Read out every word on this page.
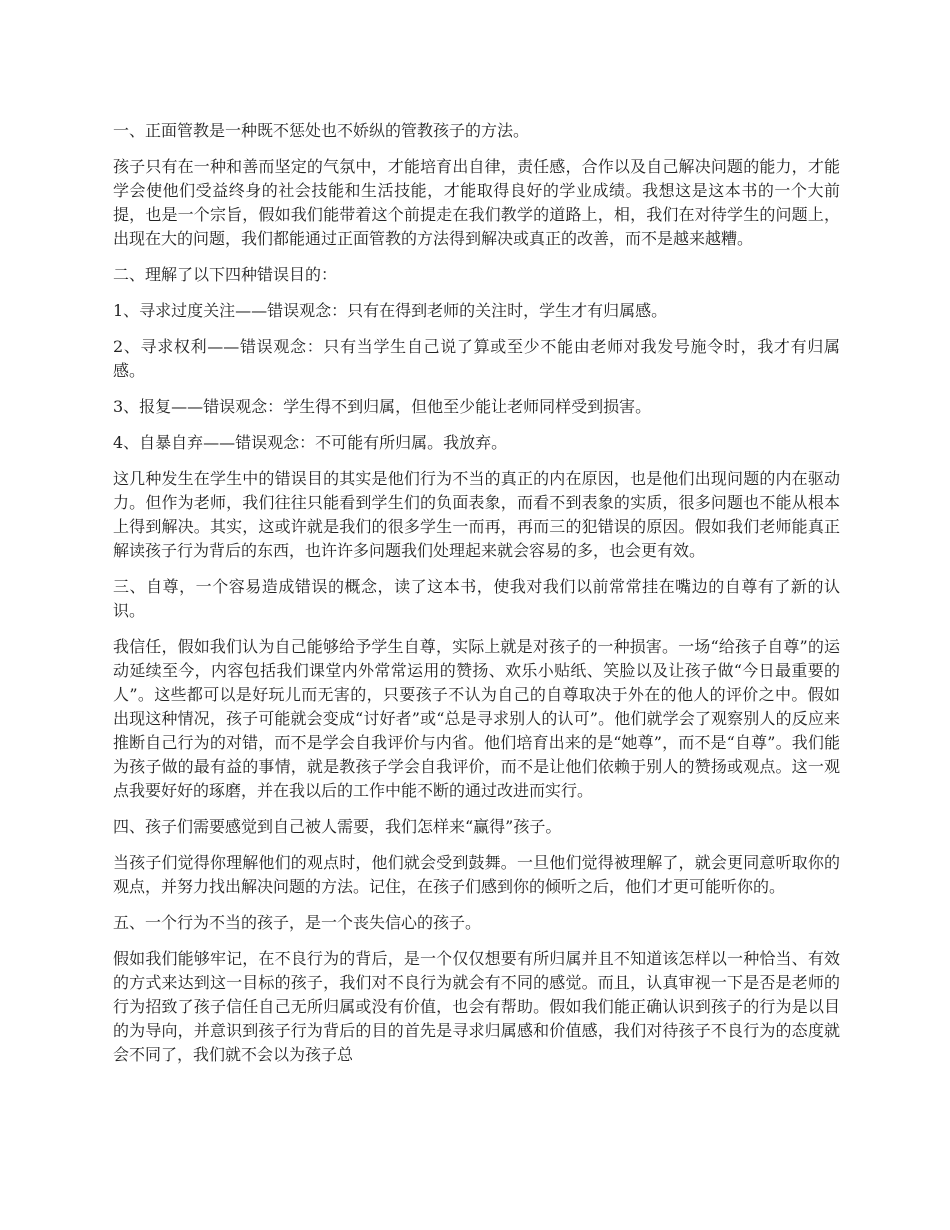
一、正面管教是一种既不惩处也不娇纵的管教孩子的方法。

孩子只有在一种和善而坚定的气氛中，才能培育出自律，责任感，合作以及自己解决问题的能力，才能学会使他们受益终身的社会技能和生活技能，才能取得良好的学业成绩。我想这是这本书的一个大前提，也是一个宗旨，假如我们能带着这个前提走在我们教学的道路上，相，我们在对待学生的问题上，出现在大的问题，我们都能通过正面管教的方法得到解决或真正的改善，而不是越来越糟。

二、理解了以下四种错误目的：

1、寻求过度关注——错误观念：只有在得到老师的关注时，学生才有归属感。

2、寻求权利——错误观念：只有当学生自己说了算或至少不能由老师对我发号施令时，我才有归属感。

3、报复——错误观念：学生得不到归属，但他至少能让老师同样受到损害。

4、自暴自弃——错误观念：不可能有所归属。我放弃。

这几种发生在学生中的错误目的其实是他们行为不当的真正的内在原因，也是他们出现问题的内在驱动力。但作为老师，我们往往只能看到学生们的负面表象，而看不到表象的实质，很多问题也不能从根本上得到解决。其实，这或许就是我们的很多学生一而再，再而三的犯错误的原因。假如我们老师能真正解读孩子行为背后的东西，也许许多问题我们处理起来就会容易的多，也会更有效。

三、自尊，一个容易造成错误的概念，读了这本书，使我对我们以前常常挂在嘴边的自尊有了新的认识。

我信任，假如我们认为自己能够给予学生自尊，实际上就是对孩子的一种损害。一场“给孩子自尊”的运动延续至今，内容包括我们课堂内外常常运用的赞扬、欢乐小贴纸、笑脸以及让孩子做“今日最重要的人”。这些都可以是好玩儿而无害的，只要孩子不认为自己的自尊取决于外在的他人的评价之中。假如出现这种情况，孩子可能就会变成“讨好者”或“总是寻求别人的认可”。他们就学会了观察别人的反应来推断自己行为的对错，而不是学会自我评价与内省。他们培育出来的是“她尊”，而不是“自尊”。我们能为孩子做的最有益的事情，就是教孩子学会自我评价，而不是让他们依赖于别人的赞扬或观点。这一观点我要好好的琢磨，并在我以后的工作中能不断的通过改进而实行。

四、孩子们需要感觉到自己被人需要，我们怎样来“赢得”孩子。

当孩子们觉得你理解他们的观点时，他们就会受到鼓舞。一旦他们觉得被理解了，就会更同意听取你的观点，并努力找出解决问题的方法。记住，在孩子们感到你的倾听之后，他们才更可能听你的。

五、一个行为不当的孩子，是一个丧失信心的孩子。

假如我们能够牢记，在不良行为的背后，是一个仅仅想要有所归属并且不知道该怎样以一种恰当、有效的方式来达到这一目标的孩子，我们对不良行为就会有不同的感觉。而且，认真审视一下是否是老师的行为招致了孩子信任自己无所归属或没有价值，也会有帮助。假如我们能正确认识到孩子的行为是以目的为导向，并意识到孩子行为背后的目的首先是寻求归属感和价值感，我们对待孩子不良行为的态度就会不同了，我们就不会以为孩子总
